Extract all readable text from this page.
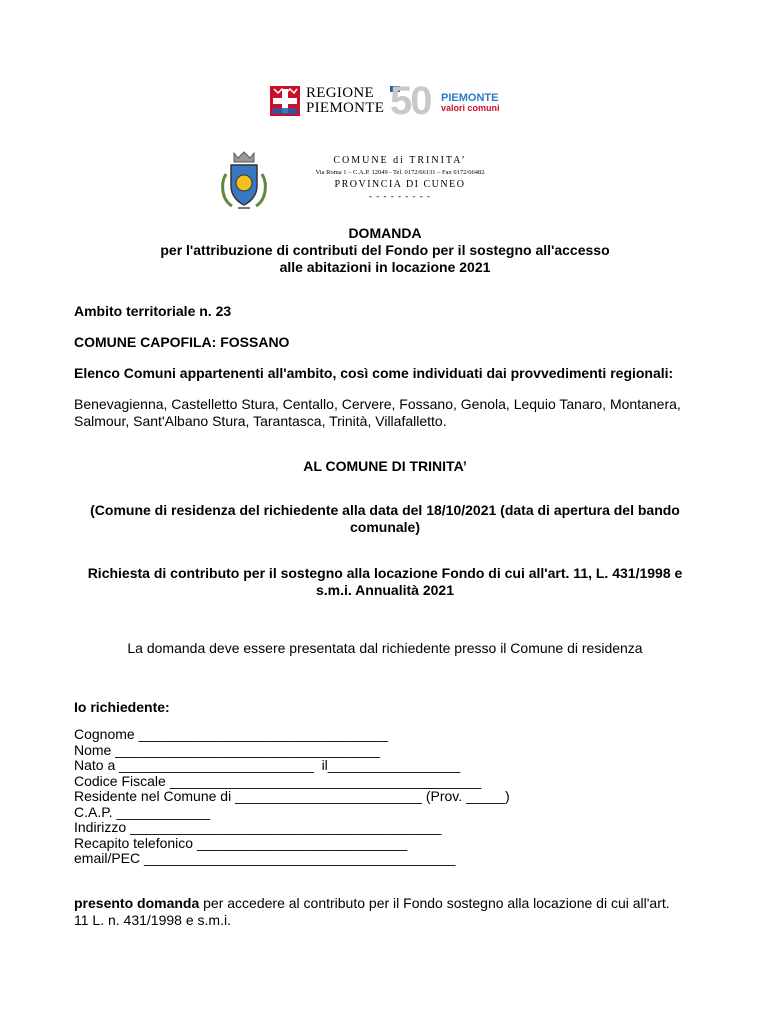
REGIONE
PIEMONTE 50 PIEMONTE
valori comuni
COMUNE di TRINITA’
Via Roma 1 – C.A.P. 12049 - Tel. 0172/66131 – Fax 0172/66482
PROVINCIA DI CUNEO
- - - - - - - - -
DOMANDA
per l'attribuzione di contributi del Fondo per il sostegno all'accesso
alle abitazioni in locazione 2021
Ambito territoriale n. 23
COMUNE CAPOFILA: FOSSANO
Elenco Comuni appartenenti all'ambito, così come individuati dai provvedimenti regionali:
Benevagienna, Castelletto Stura, Centallo, Cervere, Fossano, Genola, Lequio Tanaro, Montanera,
Salmour, Sant'Albano Stura, Tarantasca, Trinità, Villafalletto.
AL COMUNE DI TRINITA’
(Comune di residenza del richiedente alla data del 18/10/2021 (data di apertura del bando
comunale)
Richiesta di contributo per il sostegno alla locazione Fondo di cui all'art. 11, L. 431/1998 e
s.m.i. Annualità 2021
La domanda deve essere presentata dal richiedente presso il Comune di residenza
Io richiedente:
Cognome ________________________________
Nome __________________________________
Nato a _________________________  il_________________
Codice Fiscale ________________________________________
Residente nel Comune di ________________________ (Prov. _____)
C.A.P. ____________
Indirizzo ________________________________________
Recapito telefonico ___________________________
email/PEC ________________________________________
presento domanda per accedere al contributo per il Fondo sostegno alla locazione di cui all'art.
11 L. n. 431/1998 e s.m.i.
